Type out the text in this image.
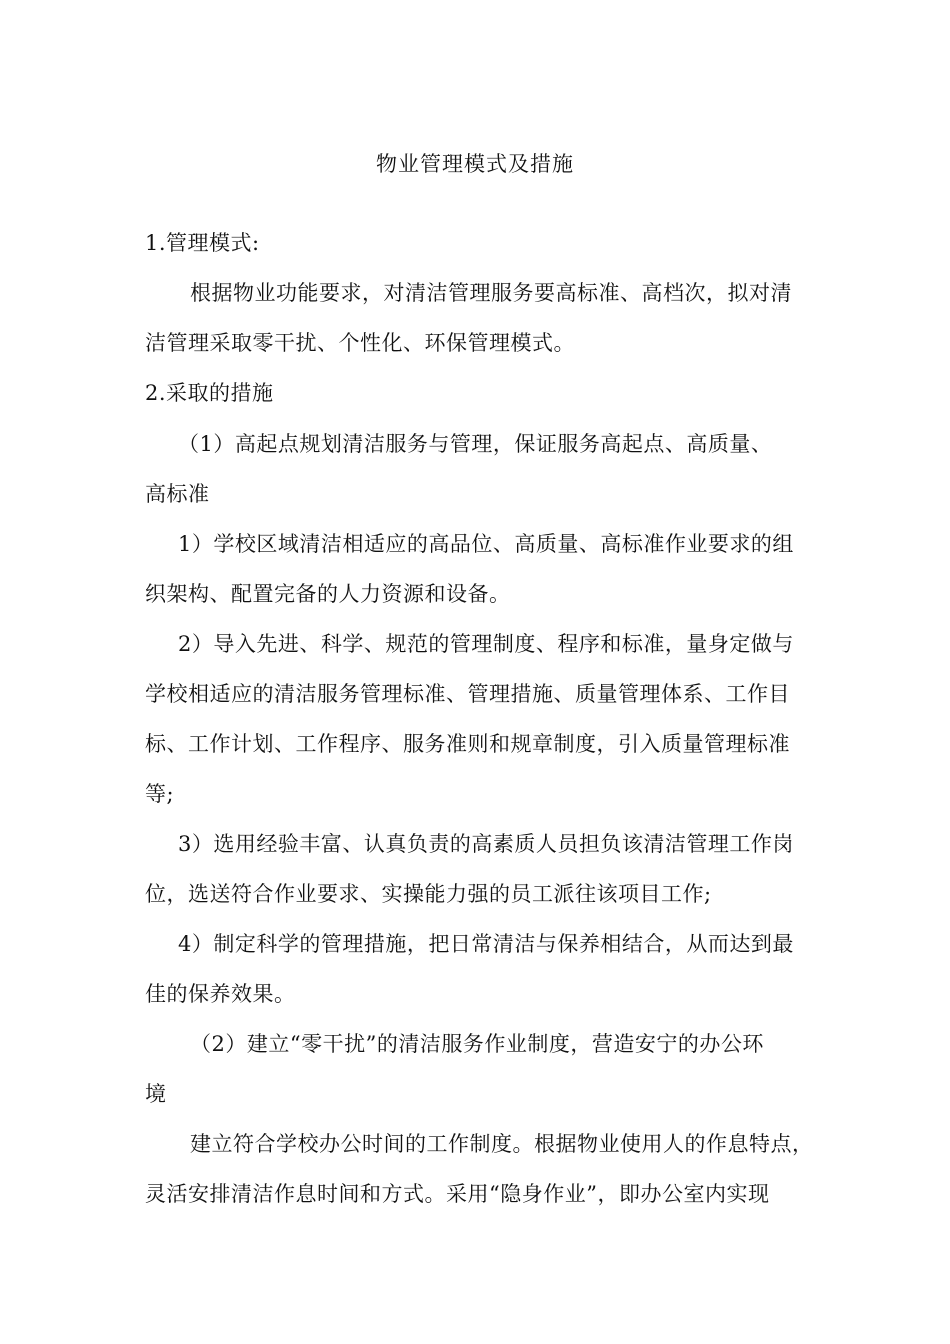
物业管理模式及措施
1.管理模式:
根据物业功能要求，对清洁管理服务要高标准、高档次，拟对清
洁管理采取零干扰、个性化、环保管理模式。
2.采取的措施
（1）高起点规划清洁服务与管理，保证服务高起点、高质量、
高标准
1）学校区域清洁相适应的高品位、高质量、高标准作业要求的组
织架构、配置完备的人力资源和设备。
2）导入先进、科学、规范的管理制度、程序和标准，量身定做与
学校相适应的清洁服务管理标准、管理措施、质量管理体系、工作目
标、工作计划、工作程序、服务准则和规章制度，引入质量管理标准
等;
3）选用经验丰富、认真负责的高素质人员担负该清洁管理工作岗
位，选送符合作业要求、实操能力强的员工派往该项目工作;
4）制定科学的管理措施，把日常清洁与保养相结合，从而达到最
佳的保养效果。
（2）建立“零干扰”的清洁服务作业制度，营造安宁的办公环
境
建立符合学校办公时间的工作制度。根据物业使用人的作息特点，
灵活安排清洁作息时间和方式。采用“隐身作业”，即办公室内实现
